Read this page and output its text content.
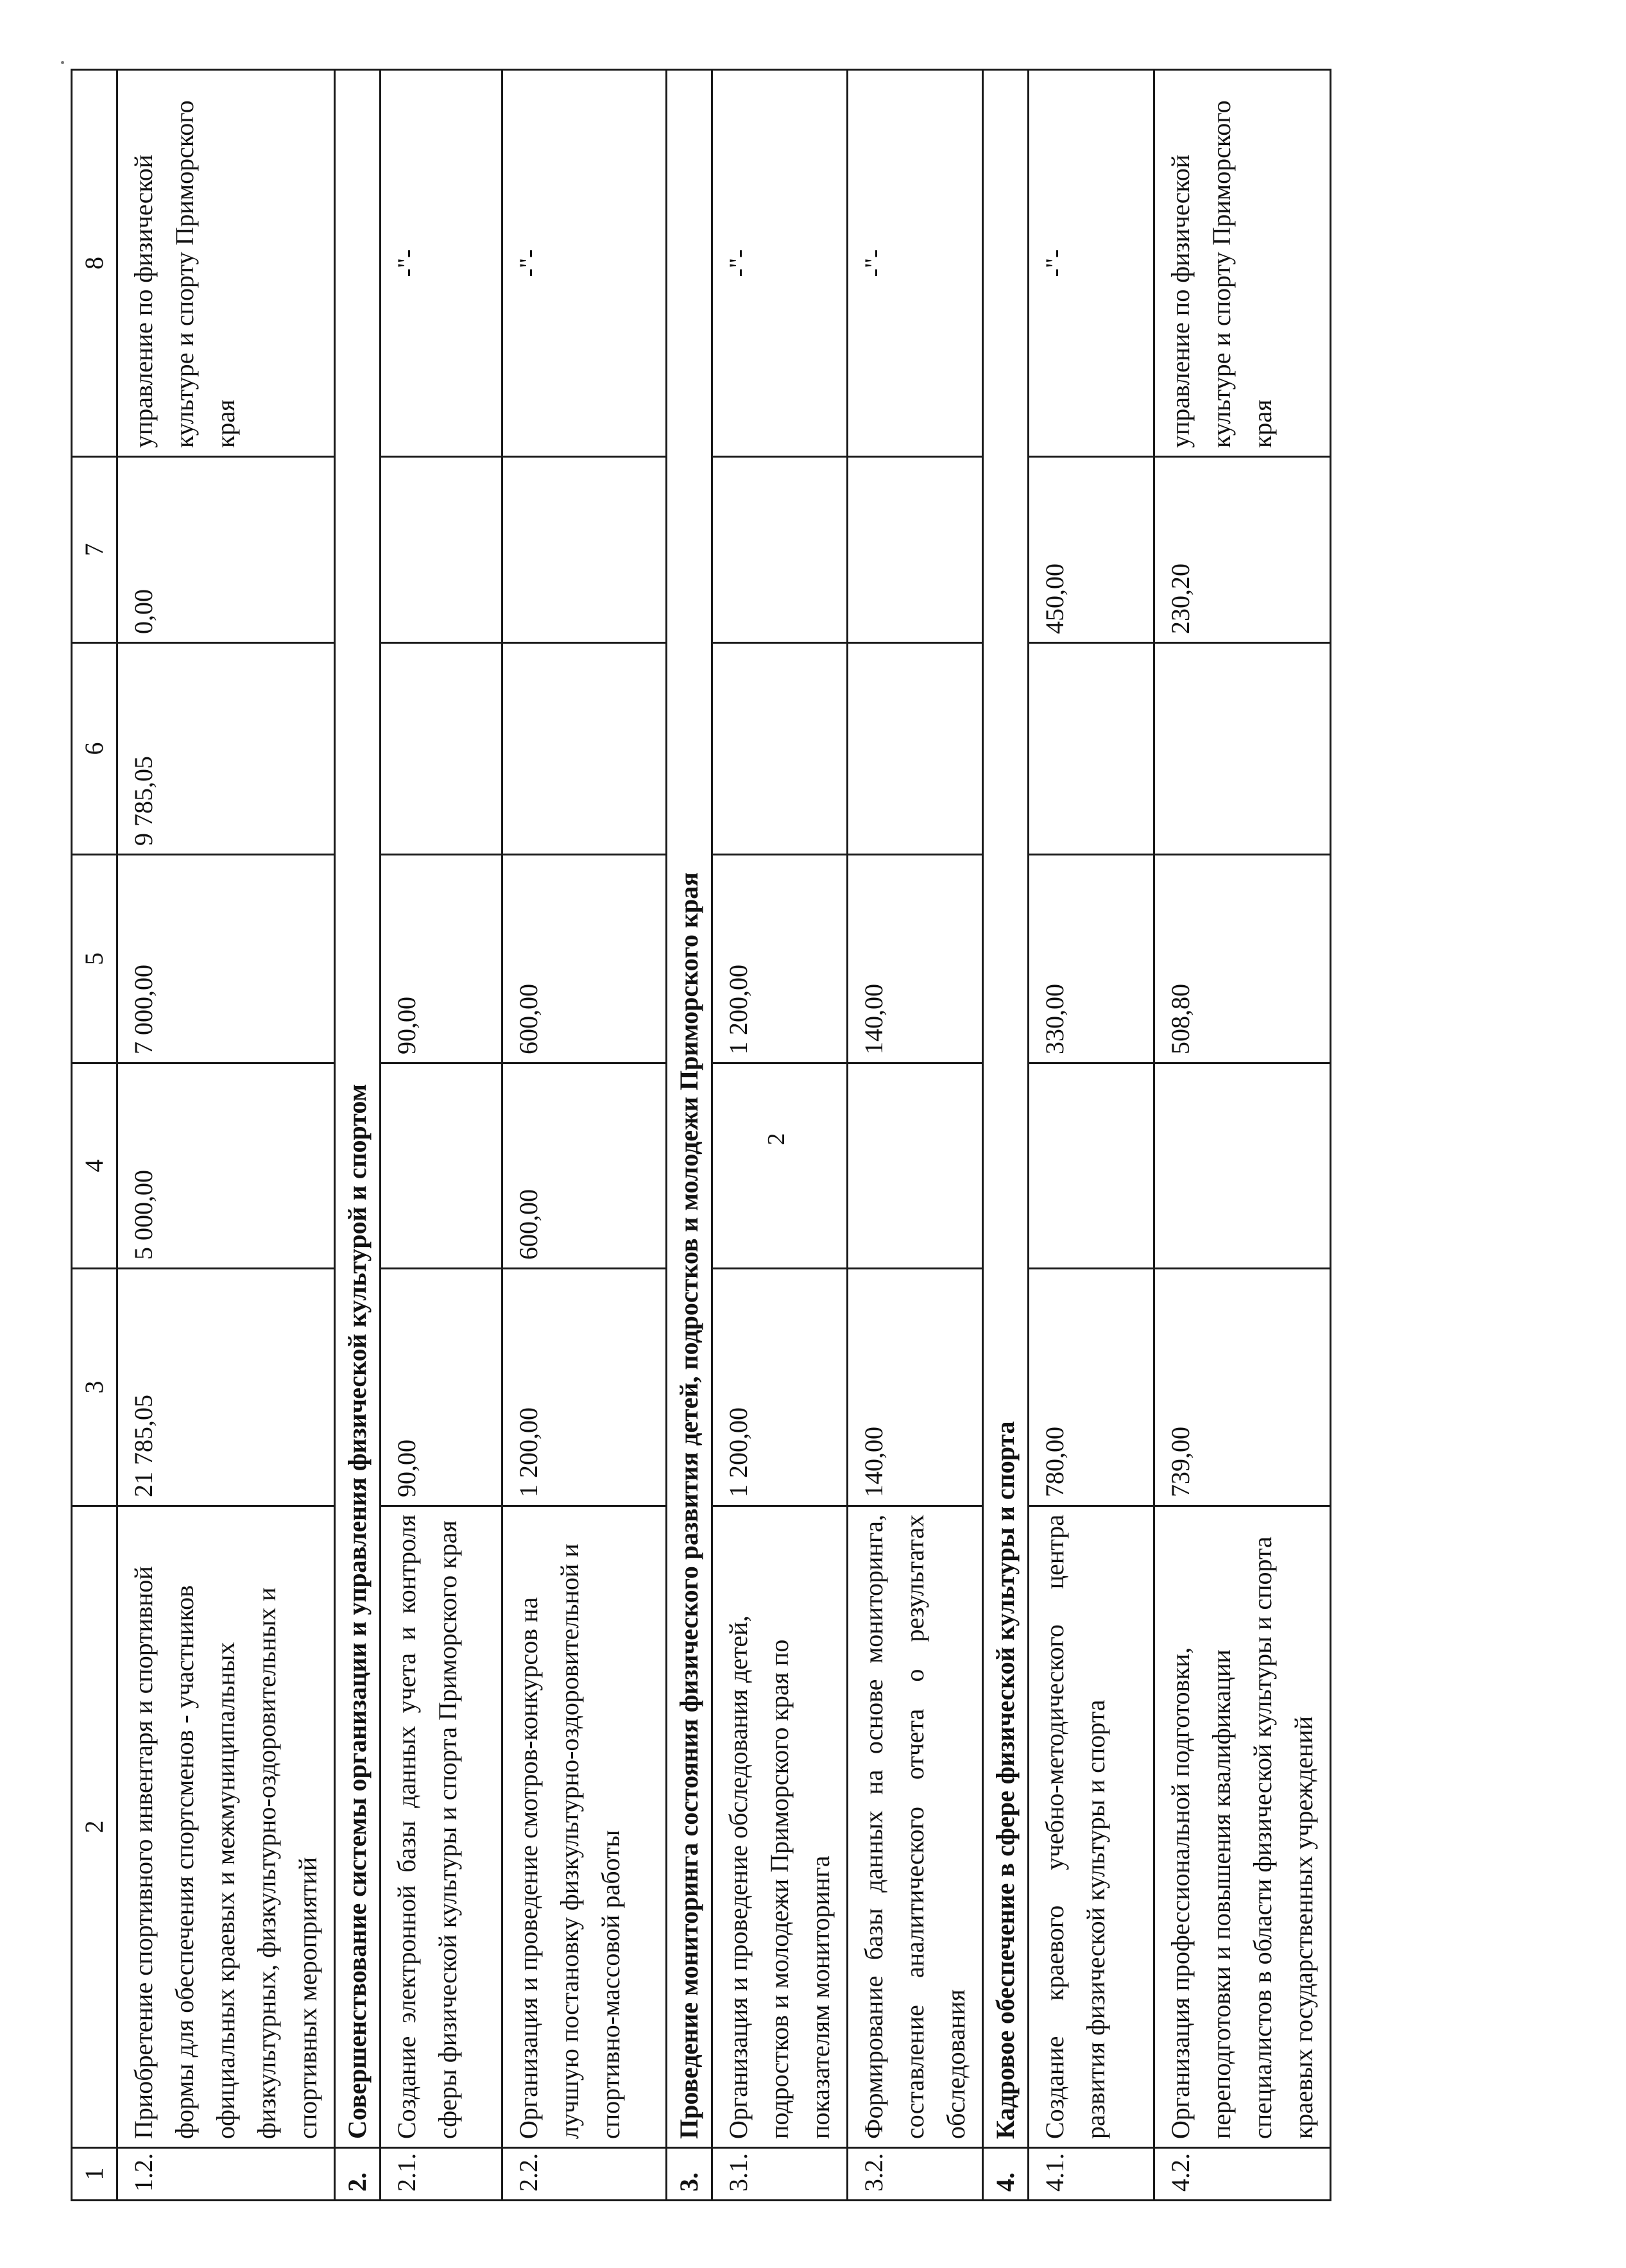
2
1	2	3	4	5	6	7	8
1.2.	Приобретение спортивного инвентаря и спортивной формы для обеспечения спортсменов - участников официальных краевых и межмуниципальных физкультурных, физкультурно-оздоровительных и спортивных мероприятий	21 785,05	5 000,00	7 000,00	9 785,05	0,00	управление по физической культуре и спорту Приморского края
2.	Совершенствование системы организации и управления физической культурой и спортом						
2.1.	Создание электронной базы данных учета и контроля сферы физической культуры и спорта Приморского края	90,00		90,00			-"-
2.2.	Организация и проведение смотров-конкурсов на лучшую постановку физкультурно-оздоровительной и спортивно-массовой работы	1 200,00	600,00	600,00			-"-
3.	Проведение мониторинга состояния физического развития детей, подростков и молодежи Приморского края						
3.1.	Организация и проведение обследования детей, подростков и молодежи Приморского края по показателям мониторинга	1 200,00		1 200,00			-"-
3.2.	Формирование базы данных на основе мониторинга, составление аналитического отчета о результатах обследования	140,00		140,00			-"-
4.	Кадровое обеспечение в сфере физической культуры и спорта						
4.1.	Создание краевого учебно-методического центра развития физической культуры и спорта	780,00		330,00		450,00	-"-
4.2.	Организация профессиональной подготовки, переподготовки и повышения квалификации специалистов в области физической культуры и спорта краевых государственных учреждений	739,00		508,80		230,20	управление по физической культуре и спорту Приморского края
